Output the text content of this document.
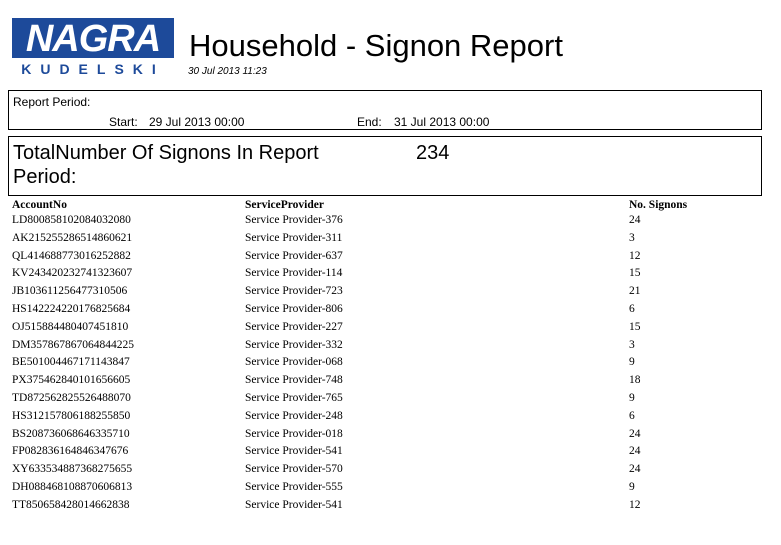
NAGRA
KUDELSKI
Household - Signon Report
30 Jul 2013 11:23
Report Period:
Start: 29 Jul 2013 00:00	End: 31 Jul 2013 00:00
TotalNumber Of Signons In Report Period:
234
AccountNo	ServiceProvider	No. Signons
LD800858102084032080	Service Provider-376	24
AK215255286514860621	Service Provider-311	3
QL414688773016252882	Service Provider-637	12
KV243420232741323607	Service Provider-114	15
JB103611256477310506	Service Provider-723	21
HS142224220176825684	Service Provider-806	6
OJ515884480407451810	Service Provider-227	15
DM357867867064844225	Service Provider-332	3
BE501004467171143847	Service Provider-068	9
PX375462840101656605	Service Provider-748	18
TD872562825526488070	Service Provider-765	9
HS312157806188255850	Service Provider-248	6
BS208736068646335710	Service Provider-018	24
FP082836164846347676	Service Provider-541	24
XY633534887368275655	Service Provider-570	24
DH088468108870606813	Service Provider-555	9
TT850658428014662838	Service Provider-541	12
